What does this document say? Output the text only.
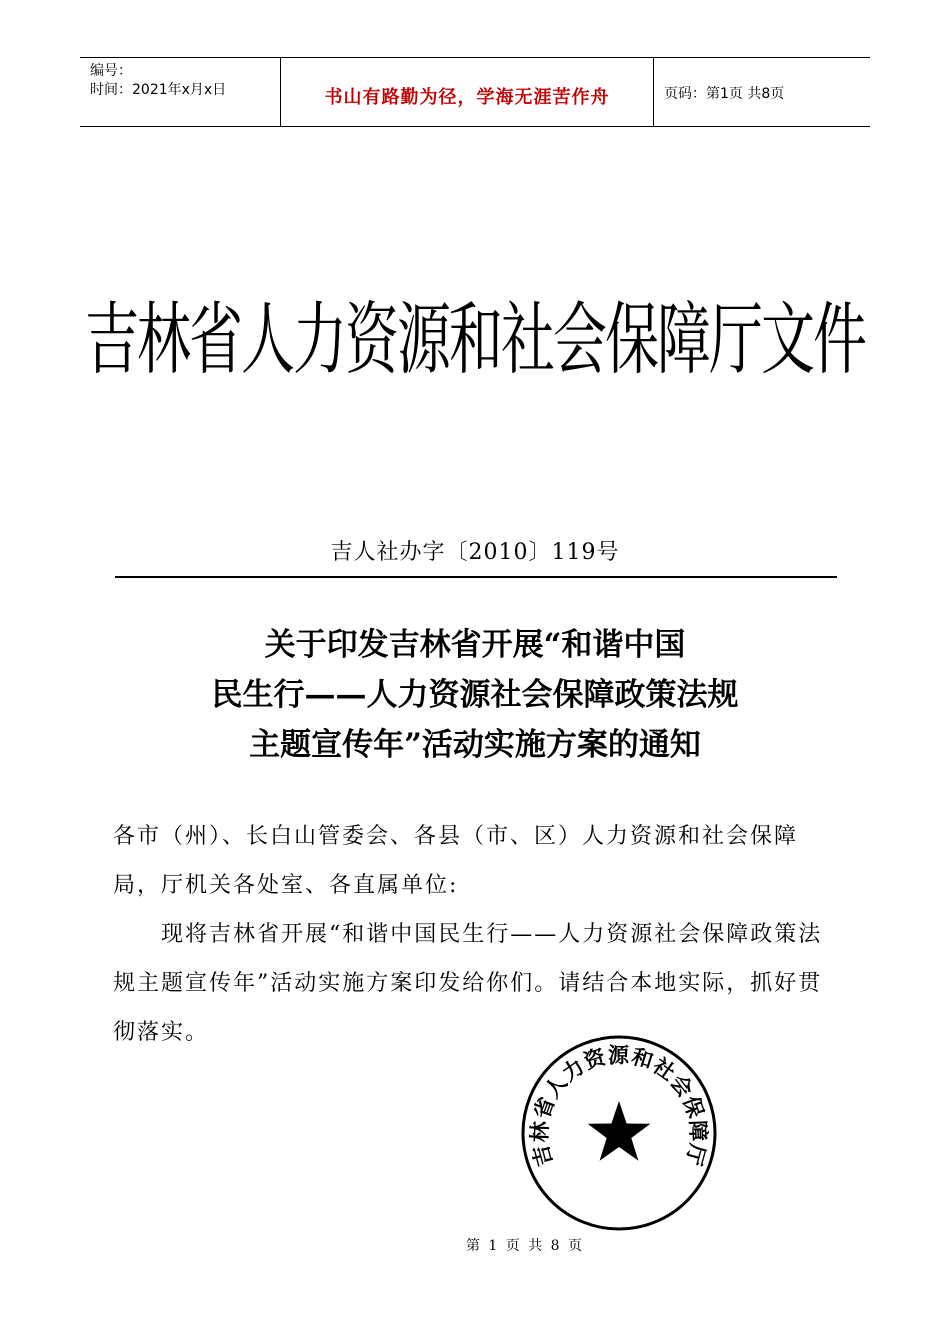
编号：
时间：2021年x月x日	书山有路勤为径，学海无涯苦作舟	页码：第1页 共8页
吉林省人力资源和社会保障厅文件
吉人社办字〔2010〕119号
关于印发吉林省开展“和谐中国
民生行——人力资源社会保障政策法规
主题宣传年”活动实施方案的通知

各市（州）、长白山管委会、各县（市、区）人力资源和社会保障局，厅机关各处室、各直属单位:

现将吉林省开展“和谐中国民生行——人力资源社会保障政策法规主题宣传年”活动实施方案印发给你们。请结合本地实际，抓好贯彻落实。

吉林省人力资源和社会保障厅
第 1 页 共 8 页
